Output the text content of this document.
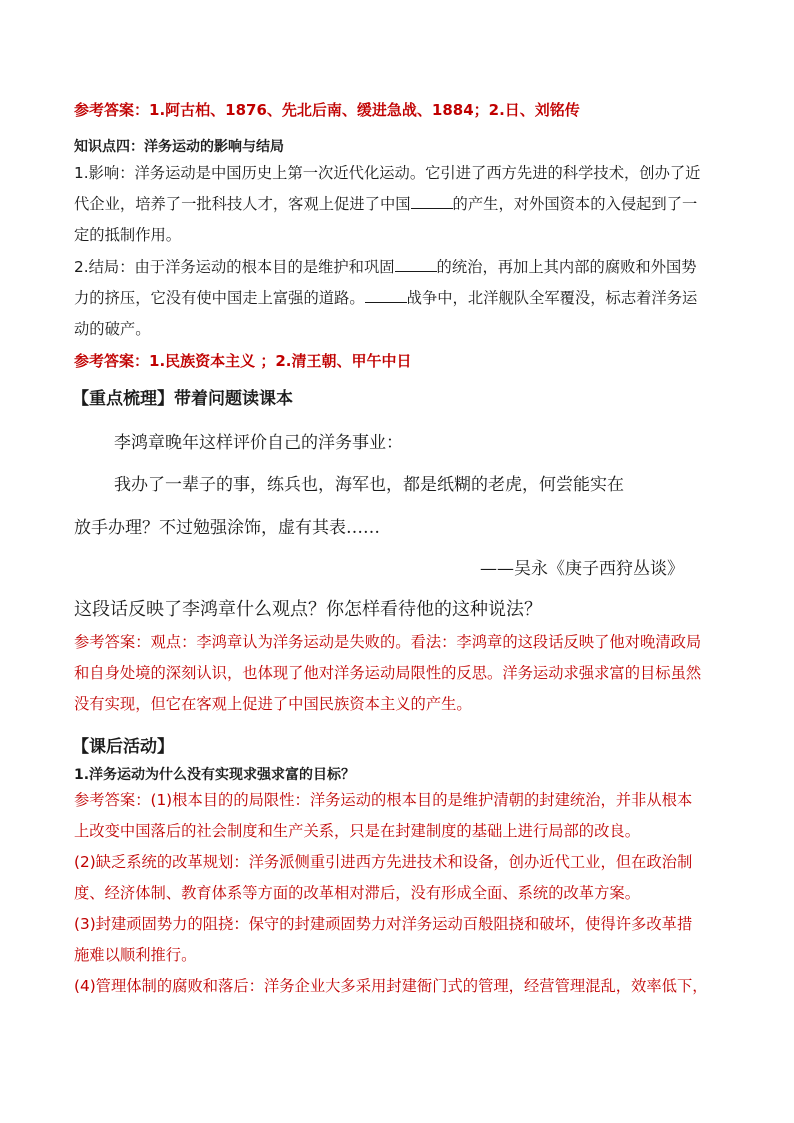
参考答案：1.阿古柏、1876、先北后南、缓进急战、1884；2.日、刘铭传
知识点四：洋务运动的影响与结局
1.影响：洋务运动是中国历史上第一次近代化运动。它引进了西方先进的科学技术，创办了近
代企业，培养了一批科技人才，客观上促进了中国	的产生，对外国资本的入侵起到了一
定的抵制作用。
2.结局：由于洋务运动的根本目的是维护和巩固	的统治，再加上其内部的腐败和外国势
力的挤压，它没有使中国走上富强的道路。	战争中，北洋舰队全军覆没，标志着洋务运
动的破产。
参考答案：1.民族资本主义 ；2.清王朝、甲午中日
【重点梳理】带着问题读课本
李鸿章晚年这样评价自己的洋务事业：
我办了一辈子的事，练兵也，海军也，都是纸糊的老虎，何尝能实在
放手办理？不过勉强涂饰，虚有其表……
——吴永《庚子西狩丛谈》
这段话反映了李鸿章什么观点？你怎样看待他的这种说法？
参考答案：观点：李鸿章认为洋务运动是失败的。看法：李鸿章的这段话反映了他对晚清政局
和自身处境的深刻认识，也体现了他对洋务运动局限性的反思。洋务运动求强求富的目标虽然
没有实现，但它在客观上促进了中国民族资本主义的产生。
【课后活动】
1.洋务运动为什么没有实现求强求富的目标？
参考答案：(1)根本目的的局限性：洋务运动的根本目的是维护清朝的封建统治，并非从根本
上改变中国落后的社会制度和生产关系，只是在封建制度的基础上进行局部的改良。
(2)缺乏系统的改革规划：洋务派侧重引进西方先进技术和设备，创办近代工业，但在政治制
度、经济体制、教育体系等方面的改革相对滞后，没有形成全面、系统的改革方案。
(3)封建顽固势力的阻挠：保守的封建顽固势力对洋务运动百般阻挠和破坏，使得许多改革措
施难以顺利推行。
(4)管理体制的腐败和落后：洋务企业大多采用封建衙门式的管理，经营管理混乱，效率低下，
